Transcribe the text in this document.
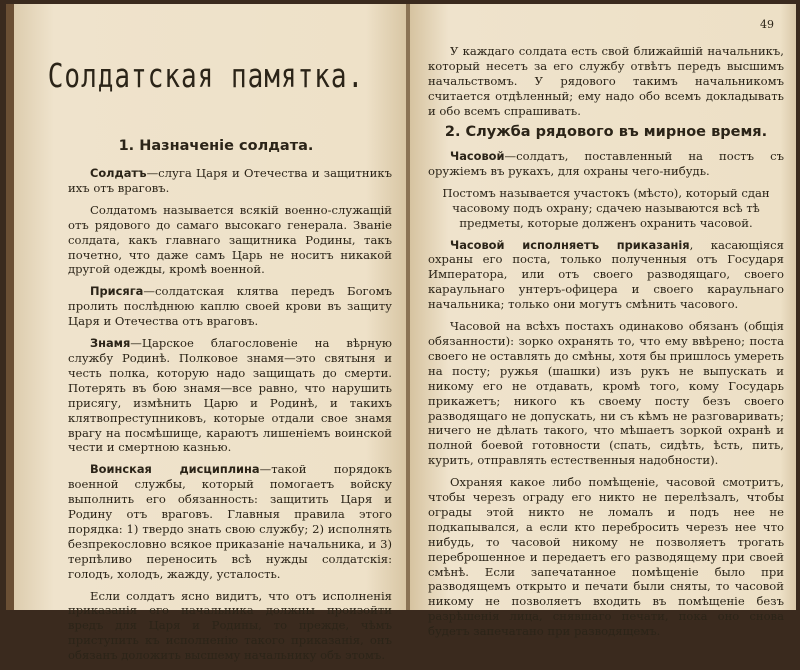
Солдатская памятка.
1. Назначеніе солдата.

Солдатъ—слуга Царя и Отечества и защитникъ ихъ отъ враговъ.

Солдатомъ называется всякій военно-служащій отъ рядового до самаго высокаго генерала. Званіе солдата, какъ главнаго защитника Родины, такъ почетно, что даже самъ Царь не носитъ никакой другой одежды, кромѣ военной.

Присяга—солдатская клятва передъ Богомъ пролить послѣднюю каплю своей крови въ защиту Царя и Отечества отъ враговъ.

Знамя—Царское благословеніе на вѣрную службу Родинѣ. Полковое знамя—это святыня и честь полка, которую надо защищать до смерти. Потерять въ бою знамя—все равно, что нарушить присягу, измѣнить Царю и Родинѣ, и такихъ клятвопреступниковъ, которые отдали свое знамя врагу на посмѣшище, караютъ лишеніемъ воинской чести и смертною казнью.

Воинская дисциплина—такой порядокъ военной службы, который помогаетъ войску выполнить его обязанность: защитить Царя и Родину отъ враговъ. Главныя правила этого порядка: 1) твердо знать свою службу; 2) исполнять безпрекословно всякое приказаніе начальника, и 3) терпѣливо переносить всѣ нужды солдатскія: голодъ, холодъ, жажду, усталость.

Если солдатъ ясно видитъ, что отъ исполненія приказанія его начальника должны произойти вредъ для Царя и Родины, то прежде, чѣмъ приступить къ исполненію такого приказанія, онъ обязанъ доложить высшему начальнику объ этомъ.

49

У каждаго солдата есть свой ближайшій начальникъ, который несетъ за его службу отвѣтъ передъ высшимъ начальствомъ. У рядового такимъ начальникомъ считается отдѣленный; ему надо обо всемъ докладывать и обо всемъ спрашивать.

2. Служба рядового въ мирное время.

Часовой—солдатъ, поставленный на постъ съ оружіемъ въ рукахъ, для охраны чего-нибудь.

Постомъ называется участокъ (мѣсто), который сдан часовому подъ охрану; сдачею называются всѣ тѣ предметы, которые долженъ охранить часовой.

Часовой исполняетъ приказанія, касающіяся охраны его поста, только полученныя отъ Государя Императора, или отъ своего разводящаго, своего караульнаго унтеръ-офицера и своего караульнаго начальника; только они могутъ смѣнить часового.

Часовой на всѣхъ постахъ одинаково обязанъ (общія обязанности): зорко охранять то, что ему ввѣрено; поста своего не оставлять до смѣны, хотя бы пришлось умереть на посту; ружья (шашки) изъ рукъ не выпускать и никому его не отдавать, кромѣ того, кому Государь прикажетъ; никого къ своему посту безъ своего разводящаго не допускать, ни съ кѣмъ не разговаривать; ничего не дѣлать такого, что мѣшаетъ зоркой охранѣ и полной боевой готовности (спать, сидѣть, ѣсть, пить, курить, отправлять естественныя надобности).

Охраняя какое либо помѣщеніе, часовой смотритъ, чтобы черезъ ограду его никто не перелѣзалъ, чтобы ограды этой никто не ломалъ и подъ нее не подкапывался, а если кто перебросить черезъ нее что нибудь, то часовой никому не позволяетъ трогать переброшенное и передаетъ его разводящему при своей смѣнѣ. Если запечатанное помѣщеніе было при разводящемъ открыто и печати были сняты, то часовой никому не позволяетъ входить въ помѣщеніе безъ разрѣшенія лица, снявшаго печати, пока оно снова будетъ запечатано при разводящемъ.
